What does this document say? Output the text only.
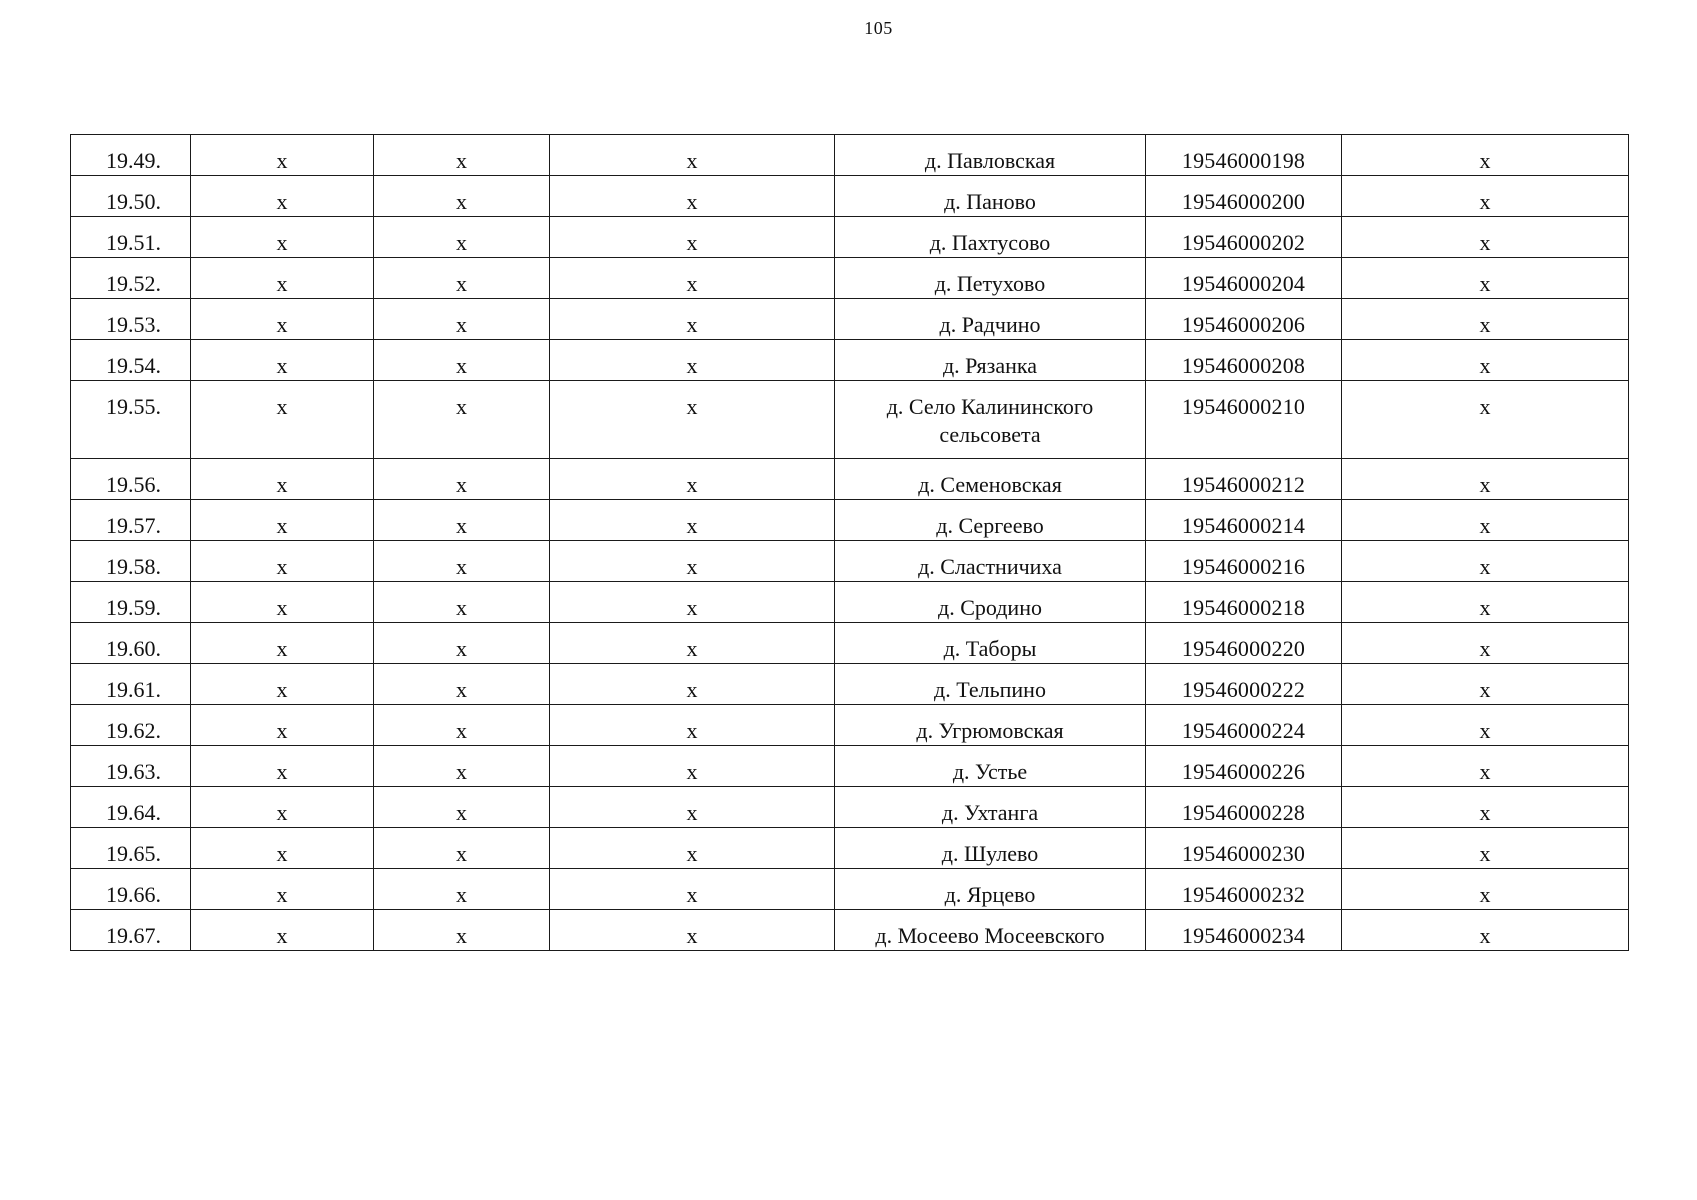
105
19.49.	х	х	х	д. Павловская	19546000198	х
19.50.	х	х	х	д. Паново	19546000200	х
19.51.	х	х	х	д. Пахтусово	19546000202	х
19.52.	х	х	х	д. Петухово	19546000204	х
19.53.	х	х	х	д. Радчино	19546000206	х
19.54.	х	х	х	д. Рязанка	19546000208	х
19.55.	х	х	х	д. Село Калининского сельсовета	19546000210	х
19.56.	х	х	х	д. Семеновская	19546000212	х
19.57.	х	х	х	д. Сергеево	19546000214	х
19.58.	х	х	х	д. Сластничиха	19546000216	х
19.59.	х	х	х	д. Сродино	19546000218	х
19.60.	х	х	х	д. Таборы	19546000220	х
19.61.	х	х	х	д. Тельпино	19546000222	х
19.62.	х	х	х	д. Угрюмовская	19546000224	х
19.63.	х	х	х	д. Устье	19546000226	х
19.64.	х	х	х	д. Ухтанга	19546000228	х
19.65.	х	х	х	д. Шулево	19546000230	х
19.66.	х	х	х	д. Ярцево	19546000232	х
19.67.	х	х	х	д. Мосеево Мосеевского	19546000234	х
